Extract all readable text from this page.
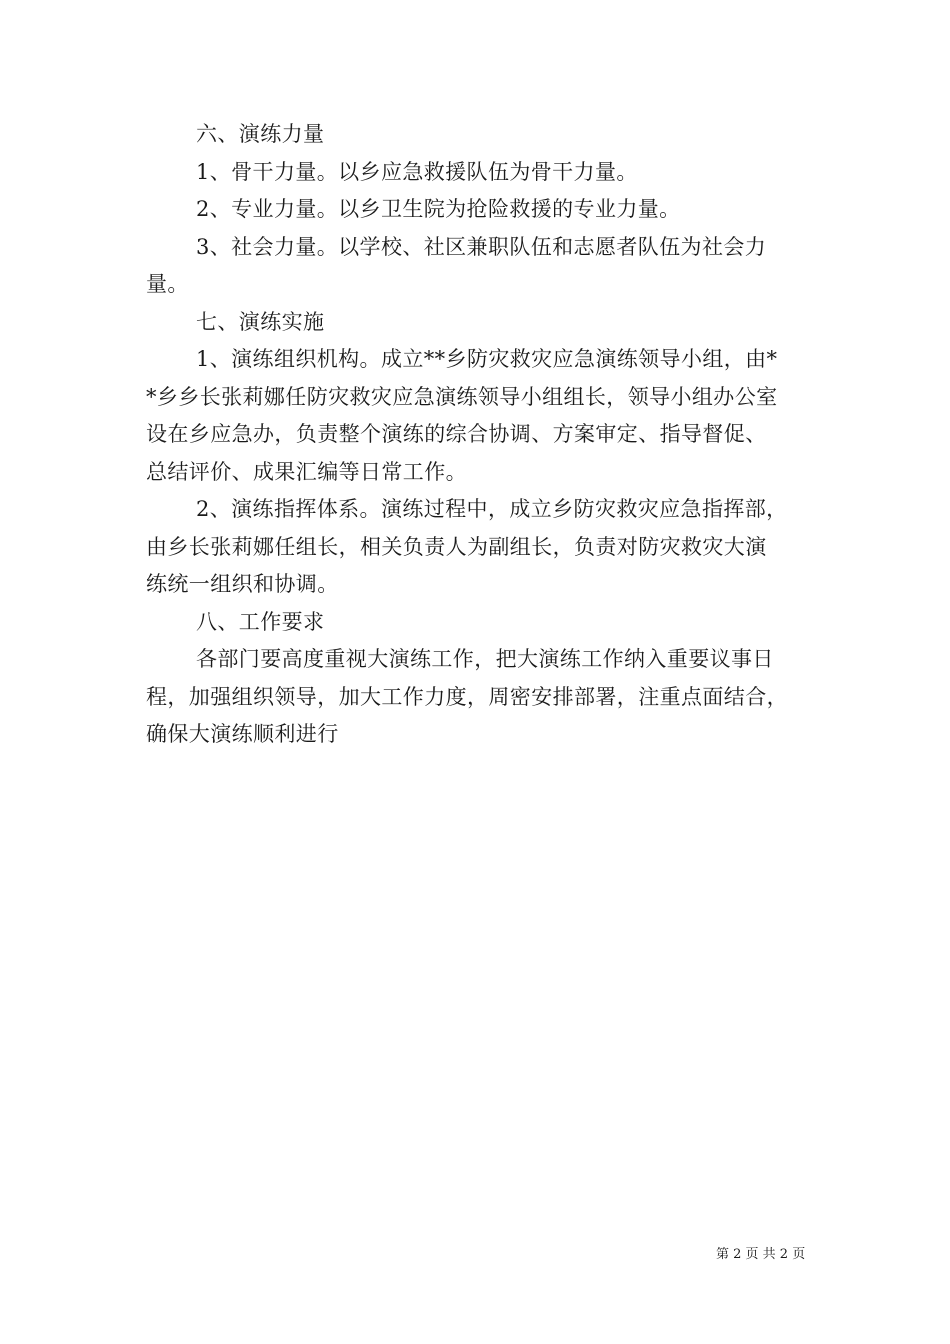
六、演练力量
1、骨干力量。以乡应急救援队伍为骨干力量。
2、专业力量。以乡卫生院为抢险救援的专业力量。
3、社会力量。以学校、社区兼职队伍和志愿者队伍为社会力
量。
七、演练实施
1、演练组织机构。成立**乡防灾救灾应急演练领导小组，由*
*乡乡长张莉娜任防灾救灾应急演练领导小组组长，领导小组办公室
设在乡应急办，负责整个演练的综合协调、方案审定、指导督促、
总结评价、成果汇编等日常工作。
2、演练指挥体系。演练过程中，成立乡防灾救灾应急指挥部，
由乡长张莉娜任组长，相关负责人为副组长，负责对防灾救灾大演
练统一组织和协调。
八、工作要求
各部门要高度重视大演练工作，把大演练工作纳入重要议事日
程，加强组织领导，加大工作力度，周密安排部署，注重点面结合，
确保大演练顺利进行
第 2 页 共 2 页
